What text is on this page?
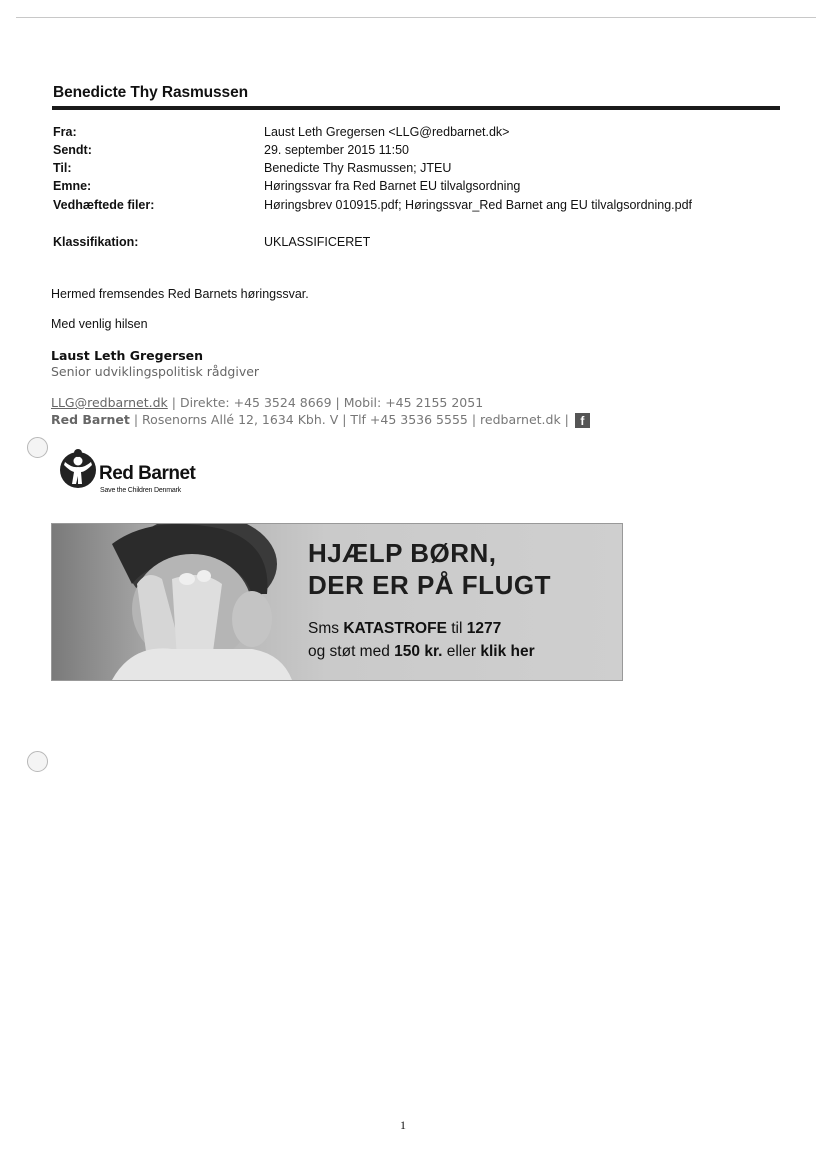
Benedicte Thy Rasmussen
Fra:	Laust Leth Gregersen <LLG@redbarnet.dk>
Sendt:	29. september 2015 11:50
Til:	Benedicte Thy Rasmussen; JTEU
Emne:	Høringssvar fra Red Barnet EU tilvalgsordning
Vedhæftede filer:	Høringsbrev 010915.pdf; Høringssvar_Red Barnet ang EU tilvalgsordning.pdf
Klassifikation:	UKLASSIFICERET
Hermed fremsendes Red Barnets høringssvar.
Med venlig hilsen
Laust Leth Gregersen
Senior udviklingspolitisk rådgiver
LLG@redbarnet.dk | Direkte: +45 3524 8669 | Mobil: +45 2155 2051
Red Barnet | Rosenorns Allé 12, 1634 Kbh. V | Tlf +45 3536 5555 | redbarnet.dk | f
Red Barnet
Save the Children Denmark
HJÆLP BØRN,
DER ER PÅ FLUGT
Sms KATASTROFE til 1277
og støt med 150 kr. eller klik her
1
